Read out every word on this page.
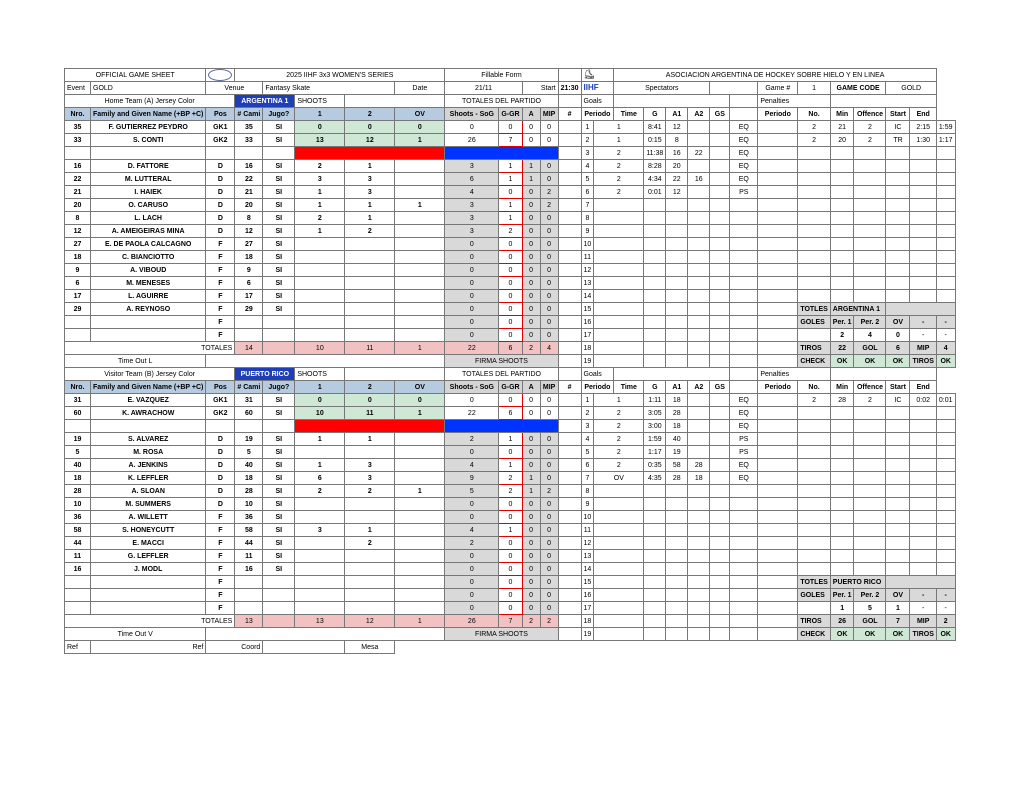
OFFICIAL GAME SHEET			2025 IIHF 3x3 WOMEN'S SERIES					Fillable Form					⛸		ASOCIACION ARGENTINA DE HOCKEY SOBRE HIELO Y EN LINEA												
Event	GOLD	Venue		Fantasy Skate			Date	21/11		Start		21:30	IIHF		Spectators						Game #	1	GAME CODE		GOLD		
Home Team (A) Jersey Color			ARGENTINA 1		SHOOTS			TOTALES DEL PARTIDO					Goals								Penalties						
Nro.	Family and Given Name (+BP +C)	Pos	# Cami	Jugo?	1	2	OV	Shoots - SoG	G-GR	A	MIP	#	Periodo		Time	G	A1	A2	GS		Periodo	No.	Min	Offence	Start	End	
35	F. GUTIERREZ PEYDRO	GK1	35	SI	0	0	0	0	0	0	0		1	1		8:41	12			EQ		2	21	2	IC	2:15	1:59
33	S. CONTI	GK2	33	SI	13	12	1	26	7	0	0		2	1		0:15	8			EQ		2	20	2	TR	1:30	1:17
													3	2		11:38	16	22		EQ							
16	D. FATTORE	D	16	SI	2	1		3	1	1	0		4	2		8:28	20			EQ							
22	M. LUTTERAL	D	22	SI	3	3		6	1	1	0		5	2		4:34	22	16		EQ							
21	I. HAIEK	D	21	SI	1	3		4	0	0	2		6	2		0:01	12			PS							
20	O. CARUSO	D	20	SI	1	1	1	3	1	0	2		7														
8	L. LACH	D	8	SI	2	1		3	1	0	0		8														
12	A. AMEIGEIRAS MINA	D	12	SI	1	2		3	2	0	0		9														
27	E. DE PAOLA CALCAGNO	F	27	SI				0	0	0	0		10														
18	C. BIANCIOTTO	F	18	SI				0	0	0	0		11														
9	A. VIBOUD	F	9	SI				0	0	0	0		12														
6	M. MENESES	F	6	SI				0	0	0	0		13														
17	L. AGUIRRE	F	17	SI				0	0	0	0		14														
29	A. REYNOSO	F	29	SI				0	0	0	0		15									TOTLES	ARGENTINA 1				
		F						0	0	0	0		16									GOLES	Per. 1	Per. 2	OV	-	-
		F						0	0	0	0		17										2	4	0	-	-
TOTALES			14		10	11	1	22	6	2	4		18									TIROS	22	GOL	6	MIP	4
Time Out L								FIRMA SHOOTS					19									CHECK	OK	OK	OK	TIROS	OK
Visitor Team (B) Jersey Color			PUERTO RICO		SHOOTS			TOTALES DEL PARTIDO					Goals								Penalties						
Nro.	Family and Given Name (+BP +C)	Pos	# Cami	Jugo?	1	2	OV	Shoots - SoG	G-GR	A	MIP	#	Periodo		Time	G	A1	A2	GS		Periodo	No.	Min	Offence	Start	End	
31	E. VAZQUEZ	GK1	31	SI	0	0	0	0	0	0	0		1	1		1:11	18			EQ		2	28	2	IC	0:02	0:01
60	K. AWRACHOW	GK2	60	SI	10	11	1	22	6	0	0		2	2		3:05	28			EQ							
													3	2		3:00	18			EQ							
19	S. ALVAREZ	D	19	SI	1	1		2	1	0	0		4	2		1:59	40			PS							
5	M. ROSA	D	5	SI				0	0	0	0		5	2		1:17	19			PS							
40	A. JENKINS	D	40	SI	1	3		4	1	0	0		6	2		0:35	58	28		EQ							
18	K. LEFFLER	D	18	SI	6	3		9	2	1	0		7	OV		4:35	28	18		EQ							
28	A. SLOAN	D	28	SI	2	2	1	5	2	1	2		8														
10	M. SUMMERS	D	10	SI				0	0	0	0		9														
36	A. WILLETT	F	36	SI				0	0	0	0		10														
58	S. HONEYCUTT	F	58	SI	3	1		4	1	0	0		11														
44	E. MACCI	F	44	SI		2		2	0	0	0		12														
11	G. LEFFLER	F	11	SI				0	0	0	0		13														
16	J. MODL	F	16	SI				0	0	0	0		14														
		F						0	0	0	0		15									TOTLES	PUERTO RICO				
		F						0	0	0	0		16									GOLES	Per. 1	Per. 2	OV	-	-
		F						0	0	0	0		17										1	5	1	-	-
TOTALES			13		13	12	1	26	7	2	2		18									TIROS	26	GOL	7	MIP	2
Time Out V								FIRMA SHOOTS					19									CHECK	OK	OK	OK	TIROS	OK
Ref	Ref	Coord				Mesa																					
